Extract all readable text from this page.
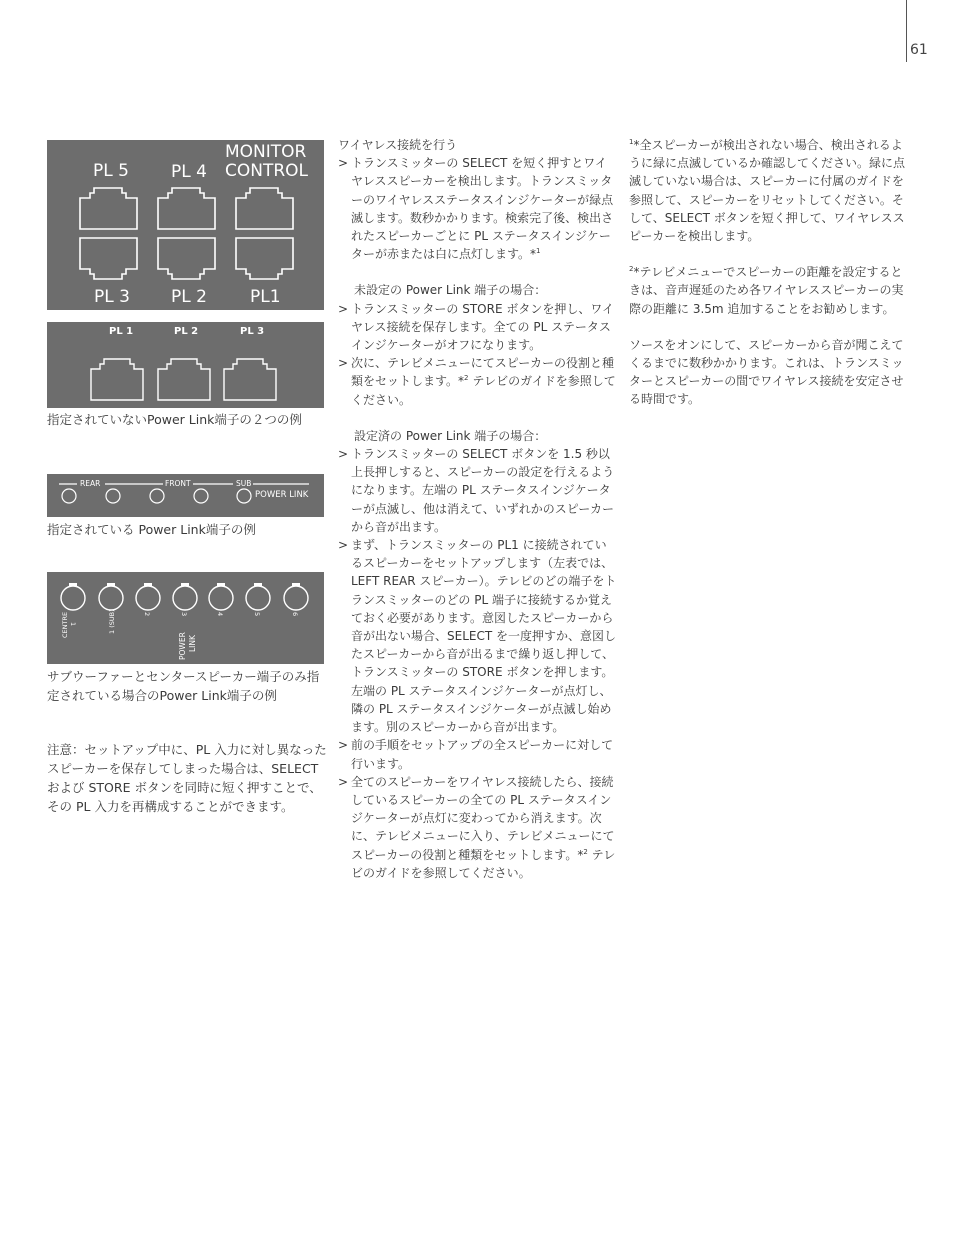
61
PL 5 PL 4
MONITOR
CONTROL
PL 3 PL 2	PL1
PL 1	PL 2	PL 3
指定されていないPower Link端子の２つの例
REAR	FRONT	SUB
POWER LINK
指定されている Power Link端子の例
CENTRE 1	1 (SUB)	2	3	4	5	6
POWER LINK
サブウーファーとセンタースピーカー端子のみ指定されている場合のPower Link端子の例
注意：セットアップ中に、PL 入力に対し異なったスピーカーを保存してしまった場合は、SELECT および STORE ボタンを同時に短く押すことで、その PL 入力を再構成することができます。

ワイヤレス接続を行う

> トランスミッターの SELECT を短く押すとワイヤレススピーカーを検出します。トランスミッターのワイヤレスステータスインジケーターが緑点滅します。数秒かかります。検索完了後、検出されたスピーカーごとに PL ステータスインジケーターが赤または白に点灯します。*$^1$

未設定の Power Link 端子の場合：

> トランスミッターの STORE ボタンを押し、ワイヤレス接続を保存します。全ての PL ステータスインジケーターがオフになります。

> 次に、テレビメニューにてスピーカーの役割と種類をセットします。*$^2$ テレビのガイドを参照してください。

設定済の Power Link 端子の場合：

> トランスミッターの SELECT ボタンを 1.5 秒以上長押しすると、スピーカーの設定を行えるようになります。左端の PL ステータスインジケーターが点滅し、他は消えて、いずれかのスピーカーから音が出ます。

> まず、トランスミッターの PL1 に接続されているスピーカーをセットアップします（左表では、LEFT REAR スピーカー）。テレビのどの端子をトランスミッターのどの PL 端子に接続するか覚えておく必要があります。意図したスピーカーから音が出ない場合、SELECT を一度押すか、意図したスピーカーから音が出るまで繰り返し押して、トランスミッターの STORE ボタンを押します。左端の PL ステータスインジケーターが点灯し、隣の PL ステータスインジケーターが点滅し始めます。別のスピーカーから音が出ます。

> 前の手順をセットアップの全スピーカーに対して行います。

> 全てのスピーカーをワイヤレス接続したら、接続しているスピーカーの全ての PL ステータスインジケーターが点灯に変わってから消えます。次に、テレビメニューに入り、テレビメニューにてスピーカーの役割と種類をセットします。*$^2$ テレビのガイドを参照してください。

$^1$*全スピーカーが検出されない場合、検出されるように緑に点滅しているか確認してください。緑に点滅していない場合は、スピーカーに付属のガイドを参照して、スピーカーをリセットしてください。そして、SELECT ボタンを短く押して、ワイヤレススピーカーを検出します。

$^2$*テレビメニューでスピーカーの距離を設定するときは、音声遅延のため各ワイヤレススピーカーの実際の距離に 3.5m 追加することをお勧めします。

ソースをオンにして、スピーカーから音が聞こえてくるまでに数秒かかります。これは、トランスミッターとスピーカーの間でワイヤレス接続を安定させる時間です。
